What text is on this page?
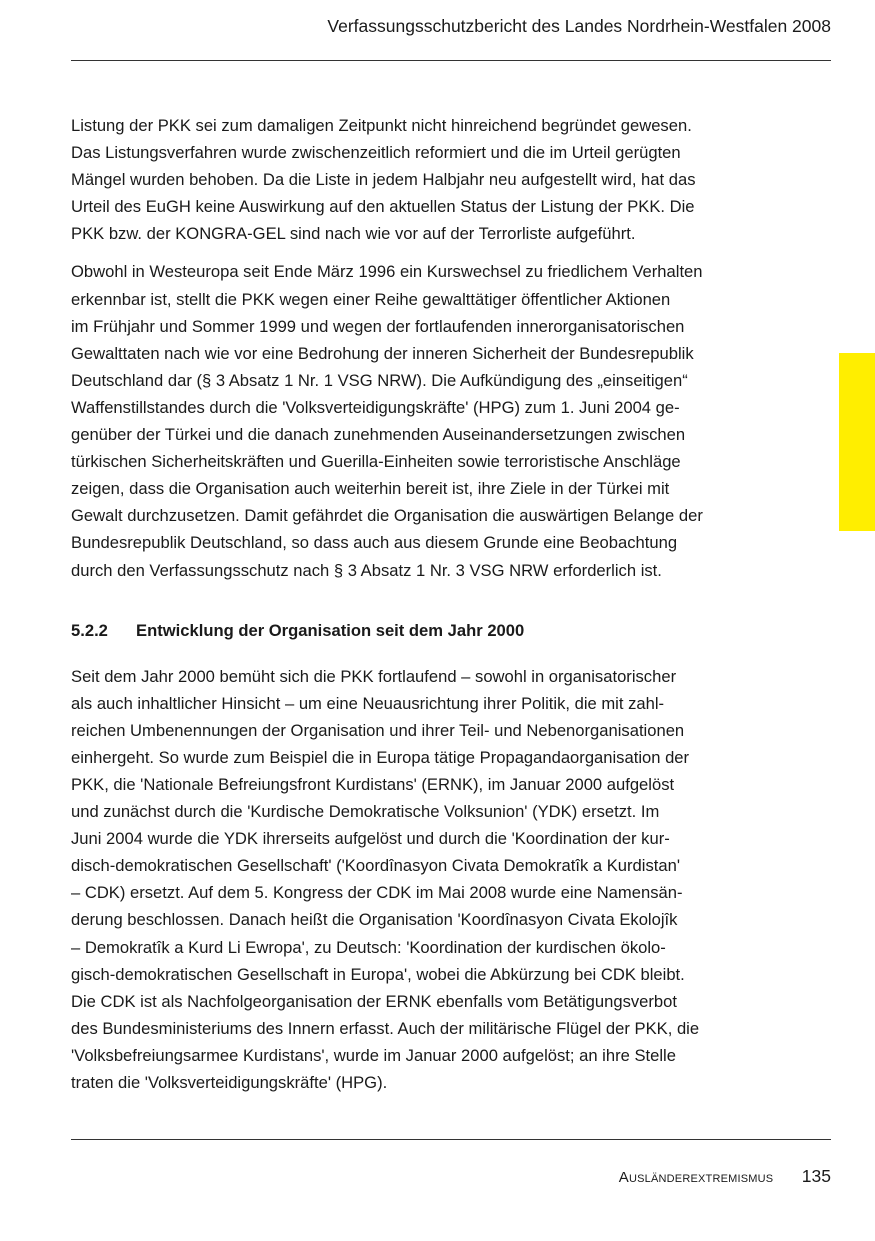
Verfassungsschutzbericht des Landes Nordrhein-Westfalen 2008

Listung der PKK sei zum damaligen Zeitpunkt nicht hinreichend begründet gewesen.
Das Listungsverfahren wurde zwischenzeitlich reformiert und die im Urteil gerügten
Mängel wurden behoben. Da die Liste in jedem Halbjahr neu aufgestellt wird, hat das
Urteil des EuGH keine Auswirkung auf den aktuellen Status der Listung der PKK. Die
PKK bzw. der KONGRA-GEL sind nach wie vor auf der Terrorliste aufgeführt.

Obwohl in Westeuropa seit Ende März 1996 ein Kurswechsel zu friedlichem Verhalten
erkennbar ist, stellt die PKK wegen einer Reihe gewalttätiger öffentlicher Aktionen
im Frühjahr und Sommer 1999 und wegen der fortlaufenden innerorganisatorischen
Gewalttaten nach wie vor eine Bedrohung der inneren Sicherheit der Bundesrepublik
Deutschland dar (§ 3 Absatz 1 Nr. 1 VSG NRW). Die Aufkündigung des „einseitigen“
Waffenstillstandes durch die 'Volksverteidigungskräfte' (HPG) zum 1. Juni 2004 ge-
genüber der Türkei und die danach zunehmenden Auseinandersetzungen zwischen
türkischen Sicherheitskräften und Guerilla-Einheiten sowie terroristische Anschläge
zeigen, dass die Organisation auch weiterhin bereit ist, ihre Ziele in der Türkei mit
Gewalt durchzusetzen. Damit gefährdet die Organisation die auswärtigen Belange der
Bundesrepublik Deutschland, so dass auch aus diesem Grunde eine Beobachtung
durch den Verfassungsschutz nach § 3 Absatz 1 Nr. 3 VSG NRW erforderlich ist.

5.2.2 Entwicklung der Organisation seit dem Jahr 2000

Seit dem Jahr 2000 bemüht sich die PKK fortlaufend – sowohl in organisatorischer
als auch inhaltlicher Hinsicht – um eine Neuausrichtung ihrer Politik, die mit zahl-
reichen Umbenennungen der Organisation und ihrer Teil- und Nebenorganisationen
einhergeht. So wurde zum Beispiel die in Europa tätige Propagandaorganisation der
PKK, die 'Nationale Befreiungsfront Kurdistans' (ERNK), im Januar 2000 aufgelöst
und zunächst durch die 'Kurdische Demokratische Volksunion' (YDK) ersetzt. Im
Juni 2004 wurde die YDK ihrerseits aufgelöst und durch die 'Koordination der kur-
disch-demokratischen Gesellschaft' ('Koordînasyon Civata Demokratîk a Kurdistan'
– CDK) ersetzt. Auf dem 5. Kongress der CDK im Mai 2008 wurde eine Namensän-
derung beschlossen. Danach heißt die Organisation 'Koordînasyon Civata Ekolojîk
– Demokratîk a Kurd Li Ewropa', zu Deutsch: 'Koordination der kurdischen ökolo-
gisch-demokratischen Gesellschaft in Europa', wobei die Abkürzung bei CDK bleibt.
Die CDK ist als Nachfolgeorganisation der ERNK ebenfalls vom Betätigungsverbot
des Bundesministeriums des Innern erfasst. Auch der militärische Flügel der PKK, die
'Volksbefreiungsarmee Kurdistans', wurde im Januar 2000 aufgelöst; an ihre Stelle
traten die 'Volksverteidigungskräfte' (HPG).

Ausländerextremismus 135
